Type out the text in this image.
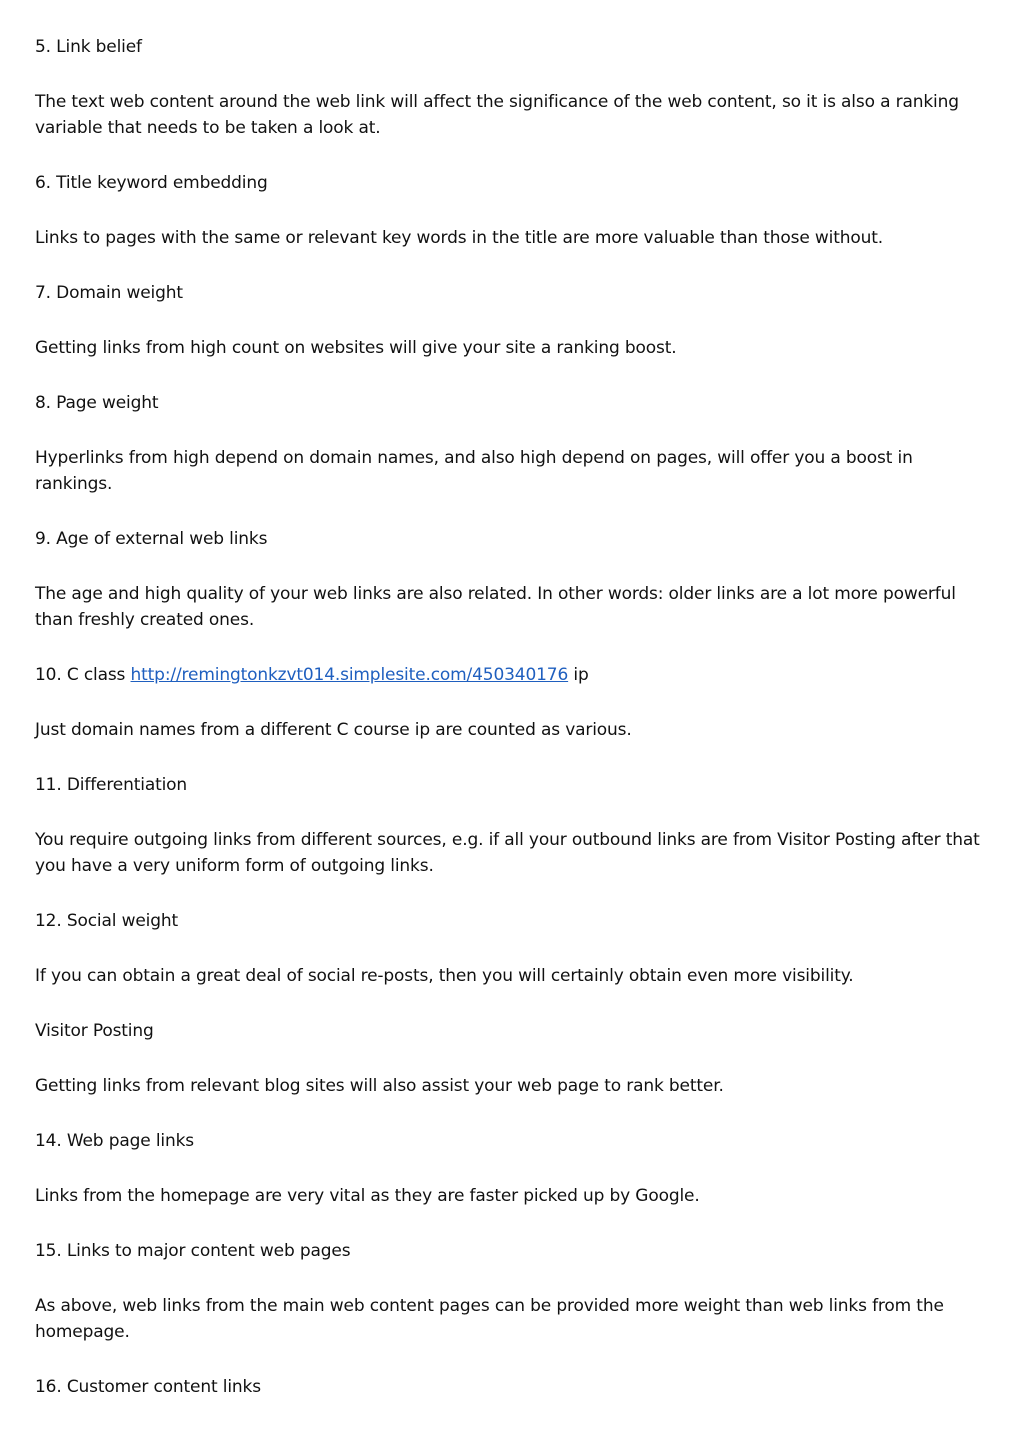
5. Link belief
The text web content around the web link will affect the significance of the web content, so it is also a ranking variable that needs to be taken a look at.
6. Title keyword embedding
Links to pages with the same or relevant key words in the title are more valuable than those without.
7. Domain weight
Getting links from high count on websites will give your site a ranking boost.
8. Page weight
Hyperlinks from high depend on domain names, and also high depend on pages, will offer you a boost in rankings.
9. Age of external web links
The age and high quality of your web links are also related. In other words: older links are a lot more powerful than freshly created ones.
10. C class http://remingtonkzvt014.simplesite.com/450340176 ip
Just domain names from a different C course ip are counted as various.
11. Differentiation
You require outgoing links from different sources, e.g. if all your outbound links are from Visitor Posting after that you have a very uniform form of outgoing links.
12. Social weight
If you can obtain a great deal of social re-posts, then you will certainly obtain even more visibility.
Visitor Posting
Getting links from relevant blog sites will also assist your web page to rank better.
14. Web page links
Links from the homepage are very vital as they are faster picked up by Google.
15. Links to major content web pages
As above, web links from the main web content pages can be provided more weight than web links from the homepage.
16. Customer content links
